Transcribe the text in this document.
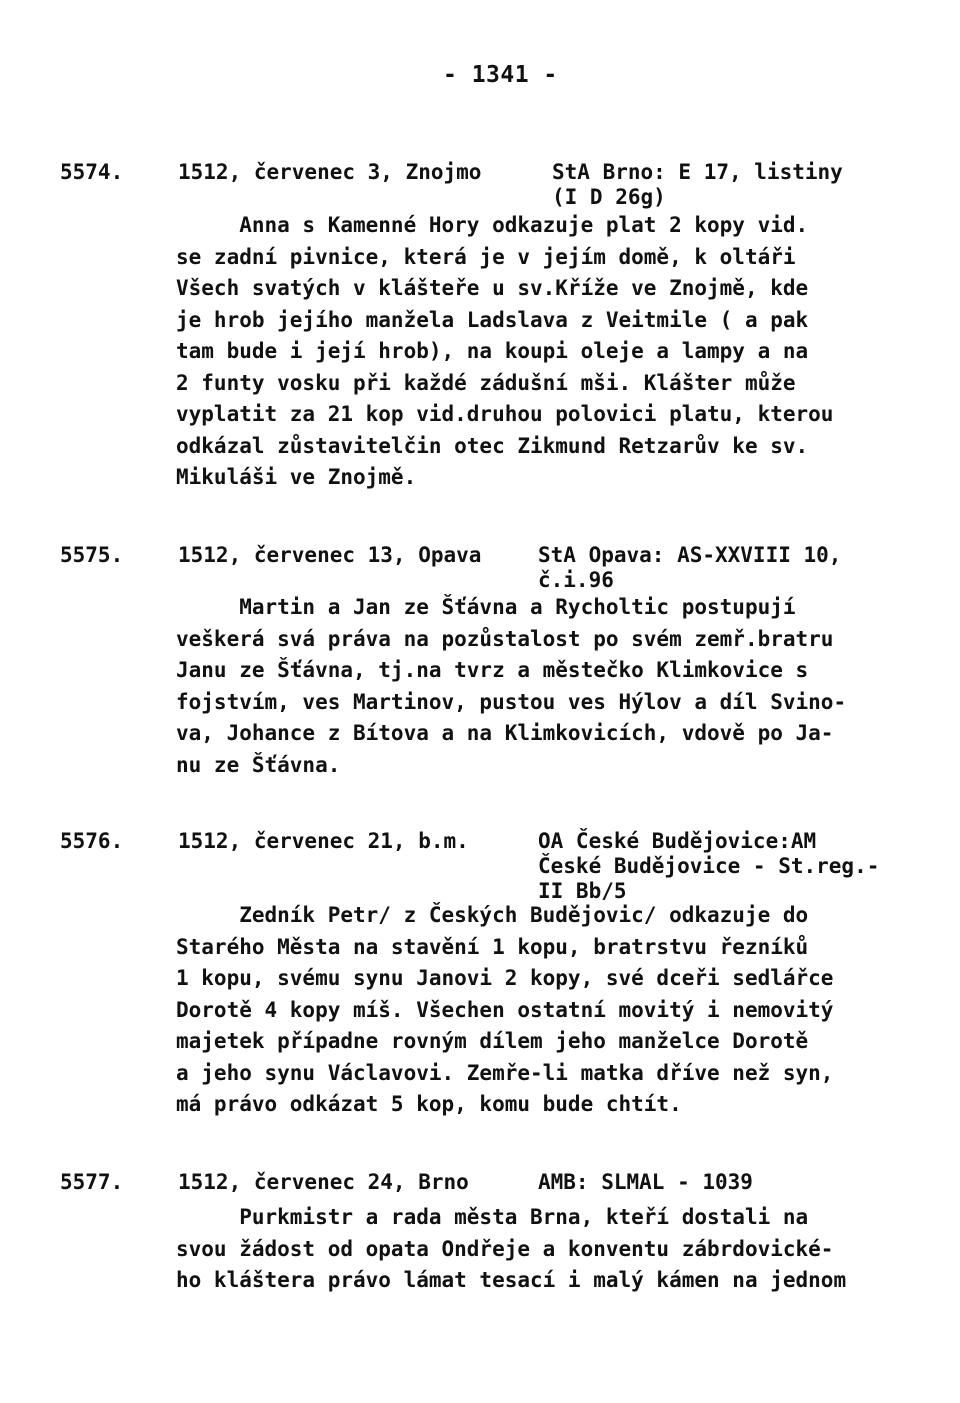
- 1341 -
5574.	1512, červenec 3, Znojmo	StA Brno: E 17, listiny
(I D 26g)
Anna s Kamenné Hory odkazuje plat 2 kopy vid.
se zadní pivnice, která je v jejím domě, k oltáři
Všech svatých v klášteře u sv.Kříže ve Znojmě, kde
je hrob jejího manžela Ladslava z Veitmile ( a pak
tam bude i její hrob), na koupi oleje a lampy a na
2 funty vosku při každé zádušní mši. Klášter může
vyplatit za 21 kop vid.druhou polovici platu, kterou
odkázal zůstavitelčin otec Zikmund Retzarův ke sv.
Mikuláši ve Znojmě.
5575.	1512, červenec 13, Opava	StA Opava: AS-XXVIII 10,
č.i.96
Martin a Jan ze Šťávna a Rycholtic postupují
veškerá svá práva na pozůstalost po svém zemř.bratru
Janu ze Šťávna, tj.na tvrz a městečko Klimkovice s
fojstvím, ves Martinov, pustou ves Hýlov a díl Svino-
va, Johance z Bítova a na Klimkovicích, vdově po Ja-
nu ze Šťávna.
5576.	1512, červenec 21, b.m.	OA České Budějovice:AM
České Budějovice - St.reg.-
II Bb/5
Zedník Petr/ z Českých Budějovic/ odkazuje do
Starého Města na stavění 1 kopu, bratrstvu řezníků
1 kopu, svému synu Janovi 2 kopy, své dceři sedlářce
Dorotě 4 kopy míš. Všechen ostatní movitý i nemovitý
majetek případne rovným dílem jeho manželce Dorotě
a jeho synu Václavovi. Zemře-li matka dříve než syn,
má právo odkázat 5 kop, komu bude chtít.
5577.	1512, červenec 24, Brno	AMB: SLMAL - 1039
Purkmistr a rada města Brna, kteří dostali na
svou žádost od opata Ondřeje a konventu zábrdovické-
ho kláštera právo lámat tesací i malý kámen na jednom
